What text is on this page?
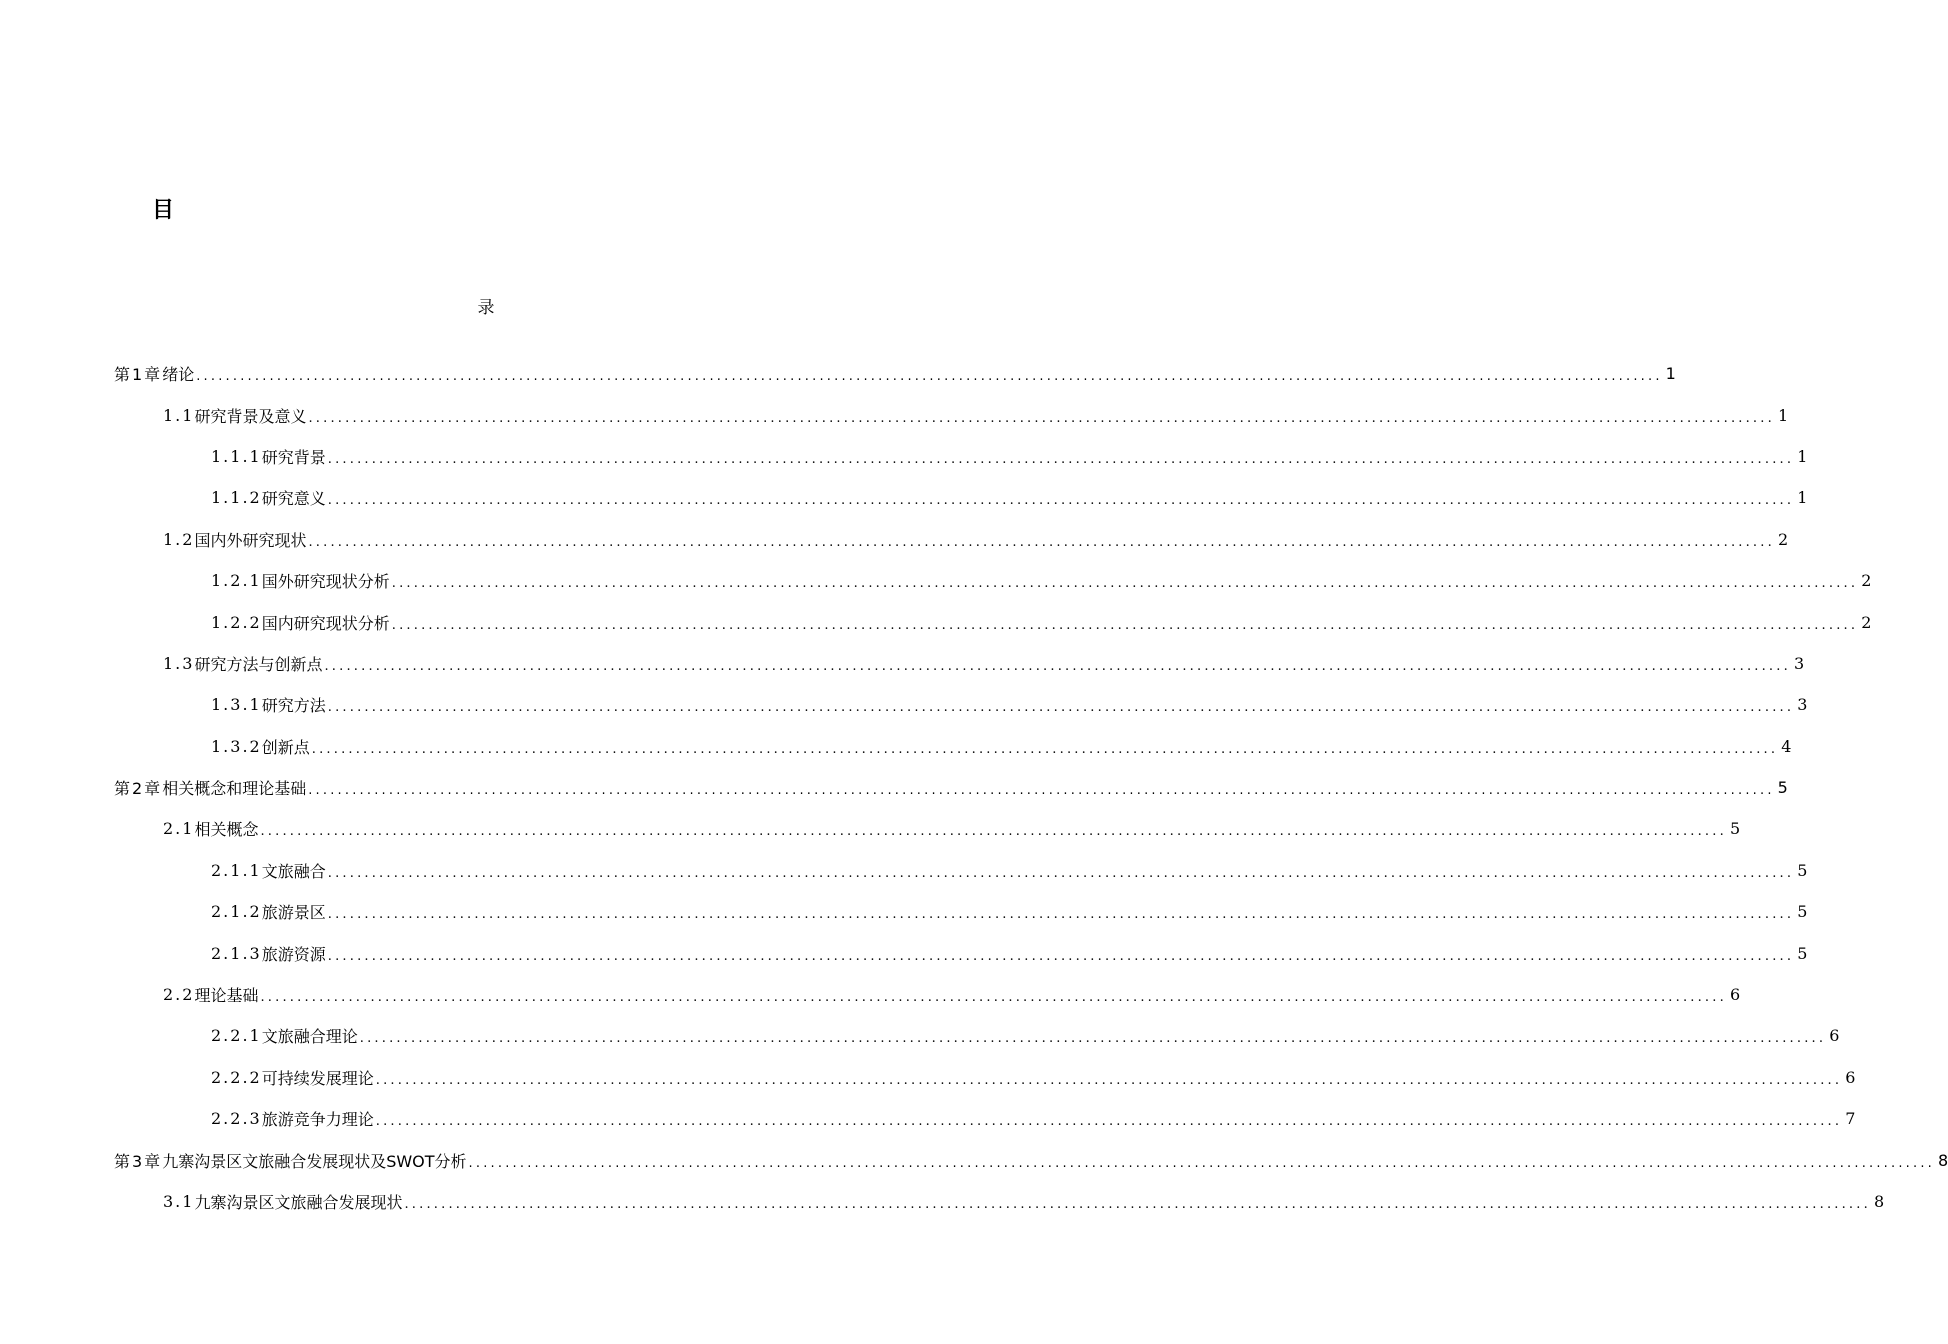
目
录
第1章 绪论 ........................................................................................................................................................................................................ 1
1.1 研究背景及意义 ........................................................................................................................................................................................................ 1
1.1.1 研究背景 ........................................................................................................................................................................................................ 1
1.1.2 研究意义 ........................................................................................................................................................................................................ 1
1.2 国内外研究现状 ........................................................................................................................................................................................................ 2
1.2.1 国外研究现状分析 ........................................................................................................................................................................................................ 2
1.2.2 国内研究现状分析 ........................................................................................................................................................................................................ 2
1.3 研究方法与创新点 ........................................................................................................................................................................................................ 3
1.3.1 研究方法 ........................................................................................................................................................................................................ 3
1.3.2 创新点 ........................................................................................................................................................................................................ 4
第2章 相关概念和理论基础 ........................................................................................................................................................................................................ 5
2.1 相关概念 ........................................................................................................................................................................................................ 5
2.1.1 文旅融合 ........................................................................................................................................................................................................ 5
2.1.2 旅游景区 ........................................................................................................................................................................................................ 5
2.1.3 旅游资源 ........................................................................................................................................................................................................ 5
2.2 理论基础 ........................................................................................................................................................................................................ 6
2.2.1 文旅融合理论 ........................................................................................................................................................................................................ 6
2.2.2 可持续发展理论 ........................................................................................................................................................................................................ 6
2.2.3 旅游竞争力理论 ........................................................................................................................................................................................................ 7
第3章 九寨沟景区文旅融合发展现状及SWOT分析 ........................................................................................................................................................................................................ 8
3.1 九寨沟景区文旅融合发展现状 ........................................................................................................................................................................................................ 8
